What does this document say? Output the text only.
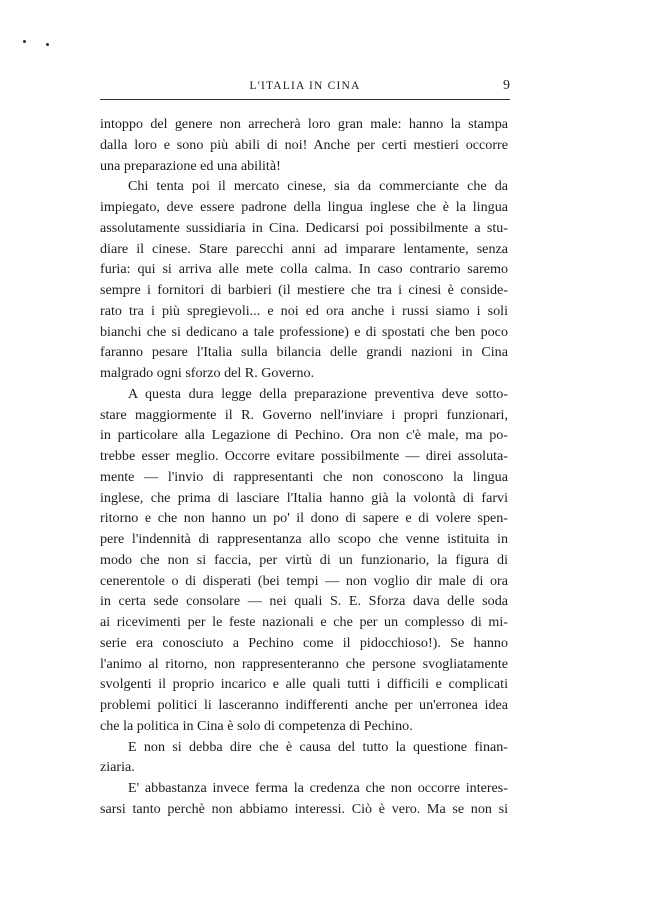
L'ITALIA IN CINA	9
intoppo del genere non arrecherà loro gran male: hanno la stampa
dalla loro e sono più abili di noi! Anche per certi mestieri occorre
una preparazione ed una abilità!
Chi tenta poi il mercato cinese, sia da commerciante che da
impiegato, deve essere padrone della lingua inglese che è la lingua
assolutamente sussidiaria in Cina. Dedicarsi poi possibilmente a stu-
diare il cinese. Stare parecchi anni ad imparare lentamente, senza
furia: qui si arriva alle mete colla calma. In caso contrario saremo
sempre i fornitori di barbieri (il mestiere che tra i cinesi è conside-
rato tra i più spregievoli... e noi ed ora anche i russi siamo i soli
bianchi che si dedicano a tale professione) e di spostati che ben poco
faranno pesare l'Italia sulla bilancia delle grandi nazioni in Cina
malgrado ogni sforzo del R. Governo.
A questa dura legge della preparazione preventiva deve sotto-
stare maggiormente il R. Governo nell'inviare i propri funzionari,
in particolare alla Legazione di Pechino. Ora non c'è male, ma po-
trebbe esser meglio. Occorre evitare possibilmente — direi assoluta-
mente — l'invio di rappresentanti che non conoscono la lingua
inglese, che prima di lasciare l'Italia hanno già la volontà di farvi
ritorno e che non hanno un po' il dono di sapere e di volere spen-
pere l'indennità di rappresentanza allo scopo che venne istituita in
modo che non si faccia, per virtù di un funzionario, la figura di
cenerentole o di disperati (bei tempi — non voglio dir male di ora
in certa sede consolare — nei quali S. E. Sforza dava delle soda
ai ricevimenti per le feste nazionali e che per un complesso di mi-
serie era conosciuto a Pechino come il pidocchioso!). Se hanno
l'animo al ritorno, non rappresenteranno che persone svogliatamente
svolgenti il proprio incarico e alle quali tutti i difficili e complicati
problemi politici li lasceranno indifferenti anche per un'erronea idea
che la politica in Cina è solo di competenza di Pechino.
E non si debba dire che è causa del tutto la questione finan-
ziaria.
E' abbastanza invece ferma la credenza che non occorre interes-
sarsi tanto perchè non abbiamo interessi. Ciò è vero. Ma se non si
